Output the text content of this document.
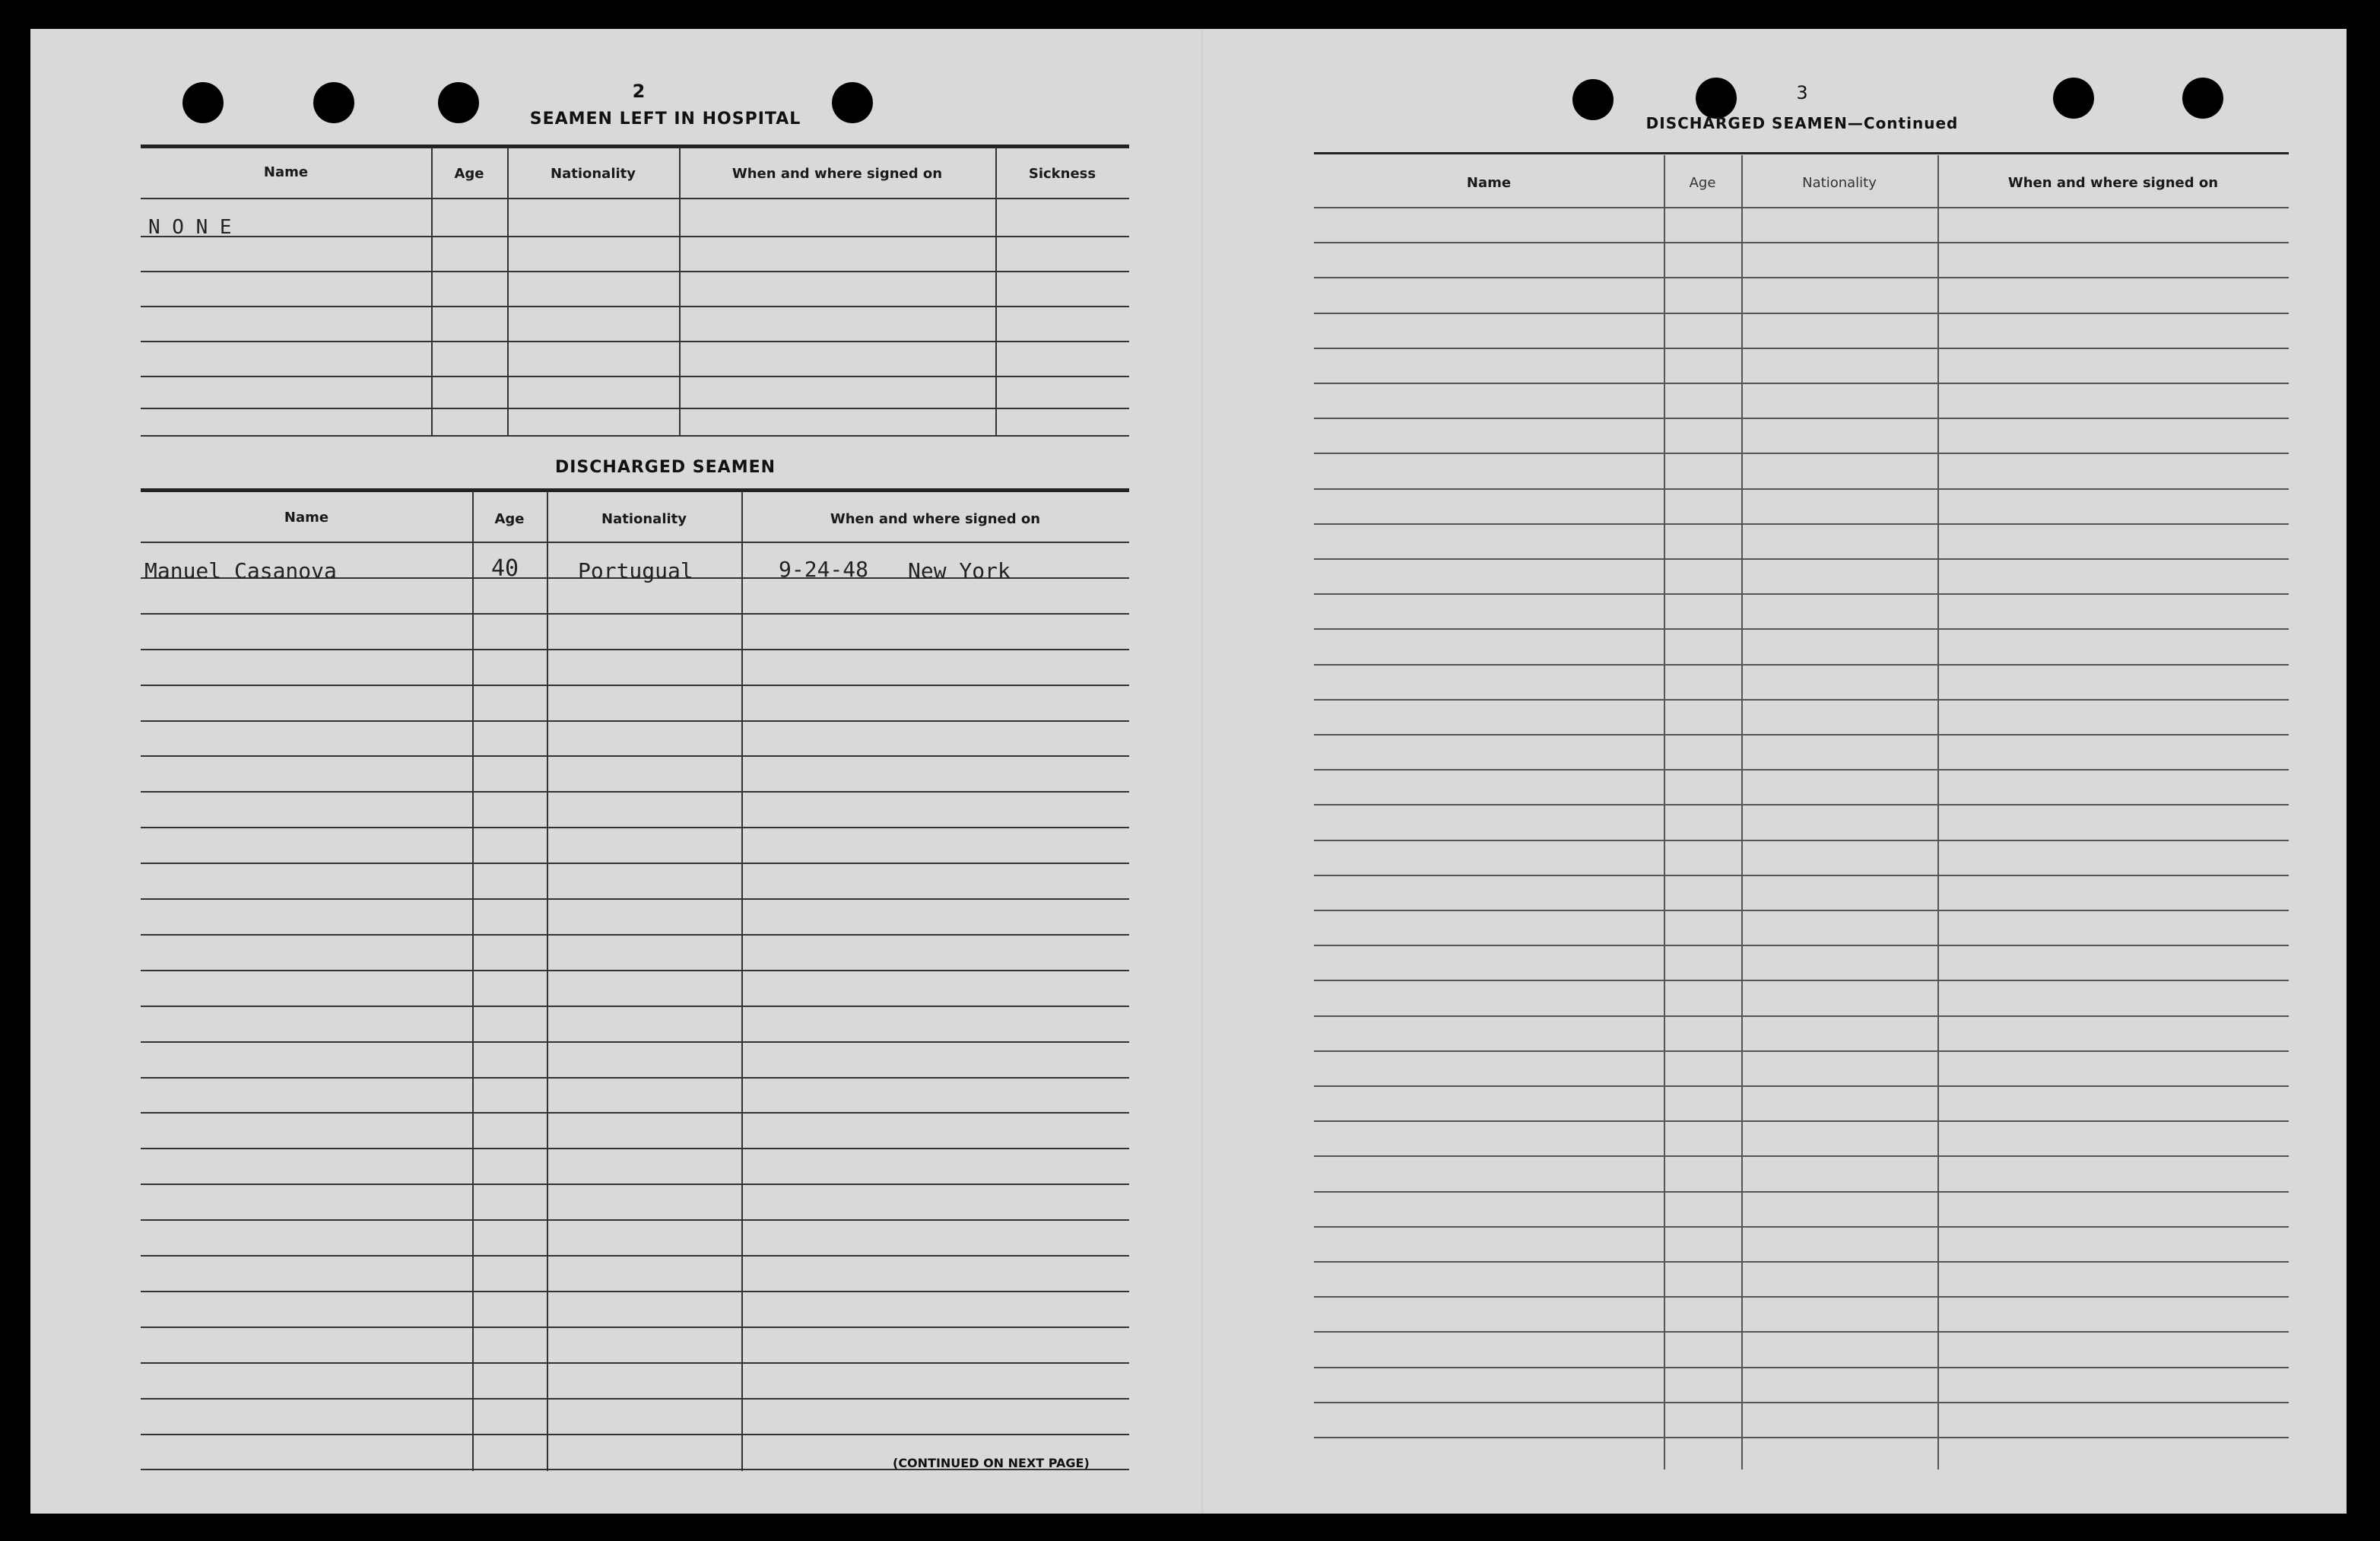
2
SEAMEN LEFT IN HOSPITAL
Name	Age	Nationality	When and where signed on	Sickness
N O N E
DISCHARGED SEAMEN
Name	Age	Nationality	When and where signed on
Manuel Casanova	40	Portugual	9-24-48 New York
(CONTINUED ON NEXT PAGE)
3
DISCHARGED SEAMEN—Continued
Name	Age	Nationality	When and where signed on
